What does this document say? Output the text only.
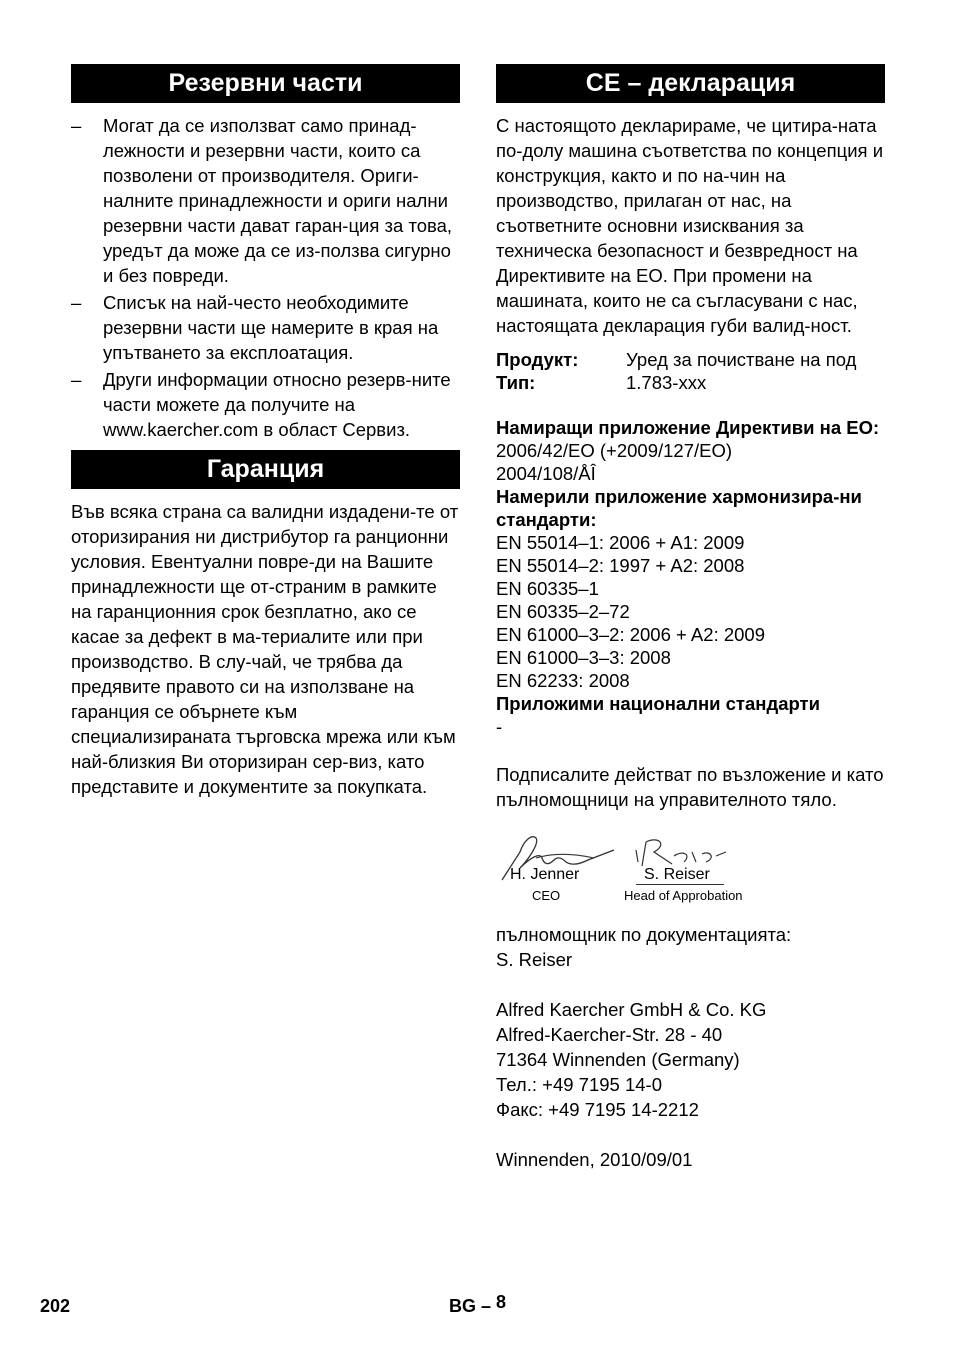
Резервни части
– Могат да се използват само принад-лежности и резервни части, които са позволени от производителя. Ориги-налните принадлежности и ориги нални резервни части дават гаран-ция за това, уредът да може да се из-ползва сигурно и без повреди.
– Списък на най-често необходимите резервни части ще намерите в края на упътването за експлоатация.
– Други информации относно резерв-ните части можете да получите на www.kaercher.com в област Сервиз.
Гаранция

Във всяка страна са валидни издадени-те от оторизирания ни дистрибутор га ранционни условия. Евентуални повре-ди на Вашите принадлежности ще от-страним в рамките на гаранционния срок безплатно, ако се касае за дефект в ма-териалите или при производство. В слу-чай, че трябва да предявите правото си на използване на гаранция се обърнете към специализираната търговска мрежа или към най-близкия Ви оторизиран сер-виз, като представите и документите за покупката.

CE – декларация

С настоящото декларираме, че цитира-ната по-долу машина съответства по концепция и конструкция, както и по на-чин на производство, прилаган от нас, на съответните основни изисквания за техническа безопасност и безвредност на Директивите на ЕО. При промени на машината, които не са съгласувани с нас, настоящата декларация губи валид-ност.

Продукт:	Уред за почистване на под
Тип:	1.783-xxx
Намиращи приложение Директиви на ЕО:
2006/42/EO (+2009/127/EO)
2004/108/ÅÎ
Намерили приложение хармонизира-ни стандарти:
EN 55014–1: 2006 + A1: 2009
EN 55014–2: 1997 + A2: 2008
EN 60335–1
EN 60335–2–72
EN 61000–3–2: 2006 + A2: 2009
EN 61000–3–3: 2008
EN 62233: 2008
Приложими национални стандарти
-

Подписалите действат по възложение и като пълномощници на управителното тяло.

H. Jenner
CEO
S. Reiser
Head of Approbation
пълномощник по документацията:
S. Reiser
Alfred Kaercher GmbH & Co. KG
Alfred-Kaercher-Str. 28 - 40
71364 Winnenden (Germany)
Тел.: +49 7195 14-0
Факс: +49 7195 14-2212
Winnenden, 2010/09/01
202	BG – 8
